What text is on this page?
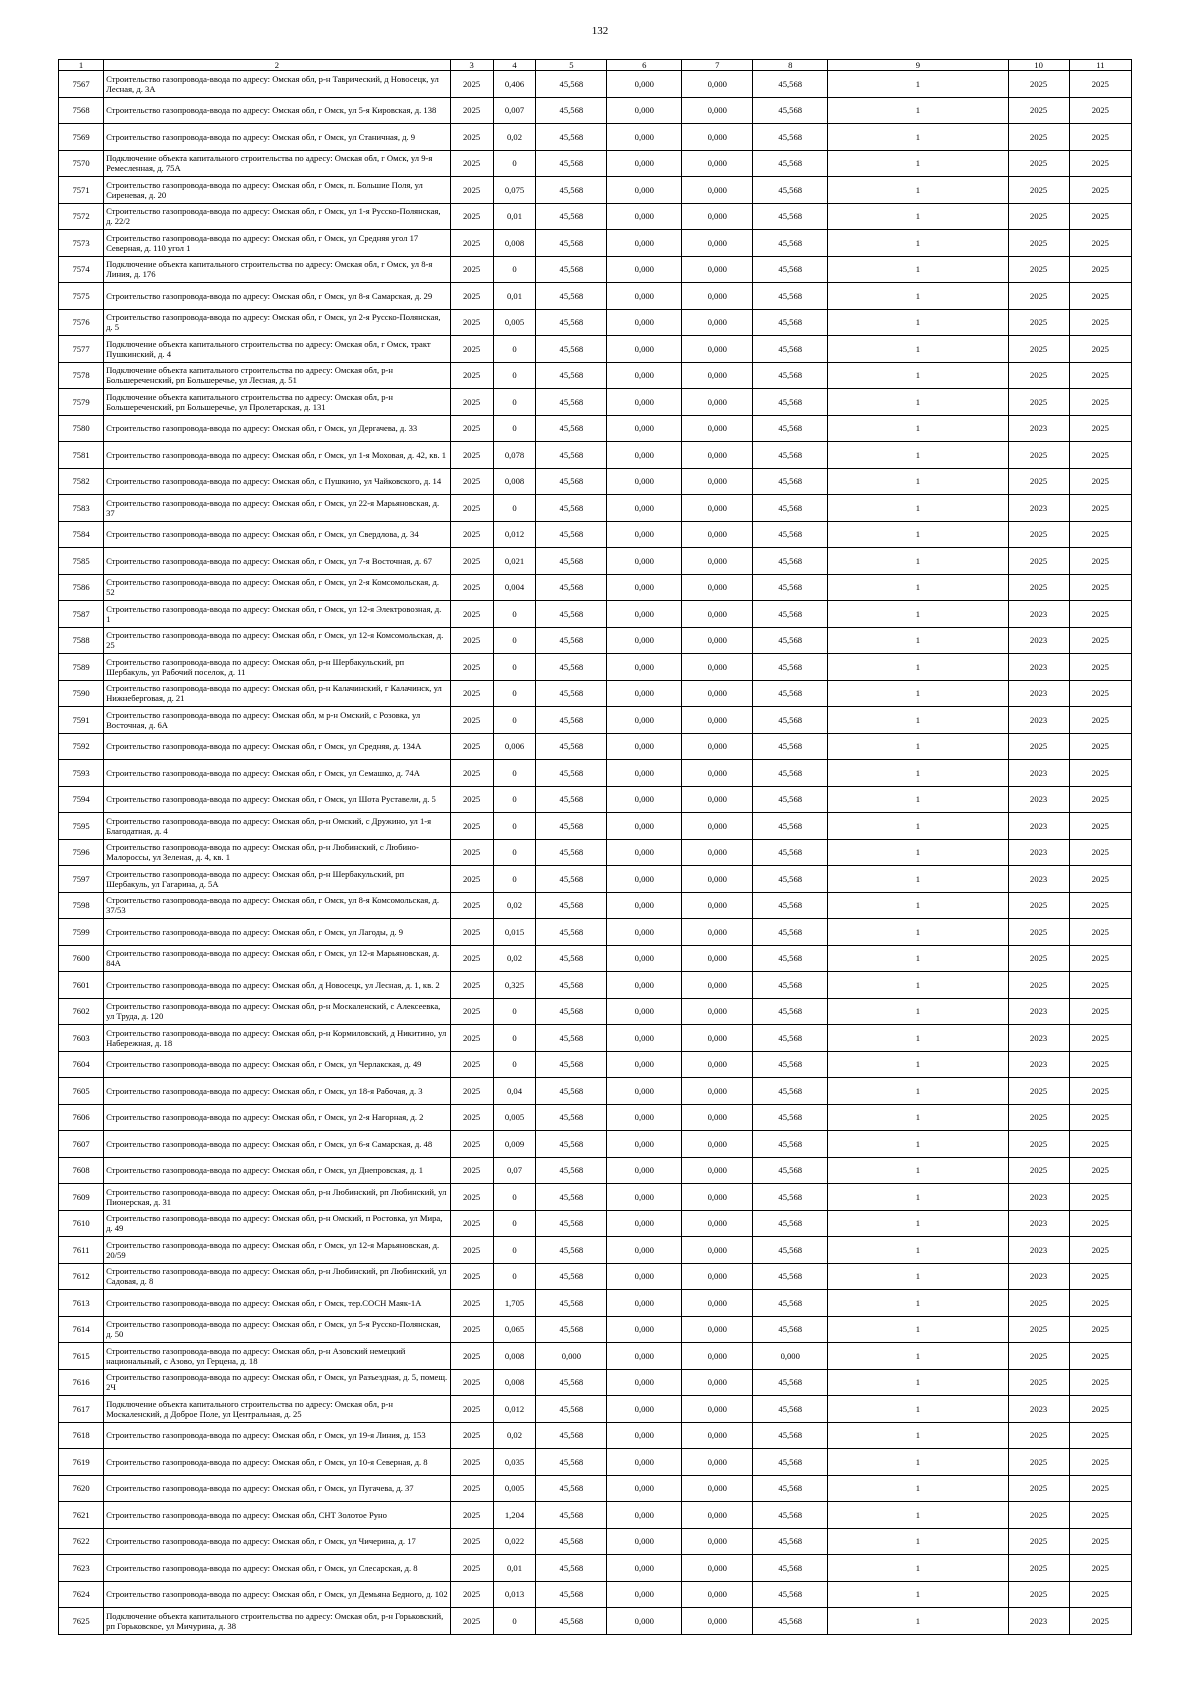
132
1	2	3	4	5	6	7	8	9	10	11
7567	Строительство газопровода-ввода по адресу: Омская обл, р-н Таврический, д Новосецк, ул Лесная, д. 3А	2025	0,406	45,568	0,000	0,000	45,568	1	2025	2025
7568	Строительство газопровода-ввода по адресу: Омская обл, г Омск, ул 5-я Кировская, д. 138	2025	0,007	45,568	0,000	0,000	45,568	1	2025	2025
7569	Строительство газопровода-ввода по адресу: Омская обл, г Омск, ул Станичная, д. 9	2025	0,02	45,568	0,000	0,000	45,568	1	2025	2025
7570	Подключение объекта капитального строительства по адресу: Омская обл, г Омск, ул 9-я Ремесленная, д. 75А	2025	0	45,568	0,000	0,000	45,568	1	2025	2025
7571	Строительство газопровода-ввода по адресу: Омская обл, г Омск, п. Большие Поля, ул Сиреневая, д. 20	2025	0,075	45,568	0,000	0,000	45,568	1	2025	2025
7572	Строительство газопровода-ввода по адресу: Омская обл, г Омск, ул 1-я Русско-Полянская, д. 22/2	2025	0,01	45,568	0,000	0,000	45,568	1	2025	2025
7573	Строительство газопровода-ввода по адресу: Омская обл, г Омск, ул Средняя угол 17 Северная, д. 110 угол 1	2025	0,008	45,568	0,000	0,000	45,568	1	2025	2025
7574	Подключение объекта капитального строительства по адресу: Омская обл, г Омск, ул 8-я Линия, д. 176	2025	0	45,568	0,000	0,000	45,568	1	2025	2025
7575	Строительство газопровода-ввода по адресу: Омская обл, г Омск, ул 8-я Самарская, д. 29	2025	0,01	45,568	0,000	0,000	45,568	1	2025	2025
7576	Строительство газопровода-ввода по адресу: Омская обл, г Омск, ул 2-я Русско-Полянская, д. 5	2025	0,005	45,568	0,000	0,000	45,568	1	2025	2025
7577	Подключение объекта капитального строительства по адресу: Омская обл, г Омск, тракт Пушкинский, д. 4	2025	0	45,568	0,000	0,000	45,568	1	2025	2025
7578	Подключение объекта капитального строительства по адресу: Омская обл, р-н Большереченский, рп Большеречье, ул Лесная, д. 51	2025	0	45,568	0,000	0,000	45,568	1	2025	2025
7579	Подключение объекта капитального строительства по адресу: Омская обл, р-н Большереченский, рп Большеречье, ул Пролетарская, д. 131	2025	0	45,568	0,000	0,000	45,568	1	2025	2025
7580	Строительство газопровода-ввода по адресу: Омская обл, г Омск, ул Дергачева, д. 33	2025	0	45,568	0,000	0,000	45,568	1	2023	2025
7581	Строительство газопровода-ввода по адресу: Омская обл, г Омск, ул 1-я Моховая, д. 42, кв. 1	2025	0,078	45,568	0,000	0,000	45,568	1	2025	2025
7582	Строительство газопровода-ввода по адресу: Омская обл, с Пушкино, ул Чайковского, д. 14	2025	0,008	45,568	0,000	0,000	45,568	1	2025	2025
7583	Строительство газопровода-ввода по адресу: Омская обл, г Омск, ул 22-я Марьяновская, д. 37	2025	0	45,568	0,000	0,000	45,568	1	2023	2025
7584	Строительство газопровода-ввода по адресу: Омская обл, г Омск, ул Свердлова, д. 34	2025	0,012	45,568	0,000	0,000	45,568	1	2025	2025
7585	Строительство газопровода-ввода по адресу: Омская обл, г Омск, ул 7-я Восточная, д. 67	2025	0,021	45,568	0,000	0,000	45,568	1	2025	2025
7586	Строительство газопровода-ввода по адресу: Омская обл, г Омск, ул 2-я Комсомольская, д. 52	2025	0,004	45,568	0,000	0,000	45,568	1	2025	2025
7587	Строительство газопровода-ввода по адресу: Омская обл, г Омск, ул 12-я Электровозная, д. 1	2025	0	45,568	0,000	0,000	45,568	1	2023	2025
7588	Строительство газопровода-ввода по адресу: Омская обл, г Омск, ул 12-я Комсомольская, д. 25	2025	0	45,568	0,000	0,000	45,568	1	2023	2025
7589	Строительство газопровода-ввода по адресу: Омская обл, р-н Шербакульский, рп Шербакуль, ул Рабочий поселок, д. 11	2025	0	45,568	0,000	0,000	45,568	1	2023	2025
7590	Строительство газопровода-ввода по адресу: Омская обл, р-н Калачинский, г Калачинск, ул Нижнеберговая, д. 21	2025	0	45,568	0,000	0,000	45,568	1	2023	2025
7591	Строительство газопровода-ввода по адресу: Омская обл, м р-н Омский, с Розовка, ул Восточная, д. 6А	2025	0	45,568	0,000	0,000	45,568	1	2023	2025
7592	Строительство газопровода-ввода по адресу: Омская обл, г Омск, ул Средняя, д. 134А	2025	0,006	45,568	0,000	0,000	45,568	1	2025	2025
7593	Строительство газопровода-ввода по адресу: Омская обл, г Омск, ул Семашко, д. 74А	2025	0	45,568	0,000	0,000	45,568	1	2023	2025
7594	Строительство газопровода-ввода по адресу: Омская обл, г Омск, ул Шота Руставели, д. 5	2025	0	45,568	0,000	0,000	45,568	1	2023	2025
7595	Строительство газопровода-ввода по адресу: Омская обл, р-н Омский, с Дружино, ул 1-я Благодатная, д. 4	2025	0	45,568	0,000	0,000	45,568	1	2023	2025
7596	Строительство газопровода-ввода по адресу: Омская обл, р-н Любинский, с Любино-Малороссы, ул Зеленая, д. 4, кв. 1	2025	0	45,568	0,000	0,000	45,568	1	2023	2025
7597	Строительство газопровода-ввода по адресу: Омская обл, р-н Шербакульский, рп Шербакуль, ул Гагарина, д. 5А	2025	0	45,568	0,000	0,000	45,568	1	2023	2025
7598	Строительство газопровода-ввода по адресу: Омская обл, г Омск, ул 8-я Комсомольская, д. 37/53	2025	0,02	45,568	0,000	0,000	45,568	1	2025	2025
7599	Строительство газопровода-ввода по адресу: Омская обл, г Омск, ул Лагоды, д. 9	2025	0,015	45,568	0,000	0,000	45,568	1	2025	2025
7600	Строительство газопровода-ввода по адресу: Омская обл, г Омск, ул 12-я Марьяновская, д. 84А	2025	0,02	45,568	0,000	0,000	45,568	1	2025	2025
7601	Строительство газопровода-ввода по адресу: Омская обл, д Новосецк, ул Лесная, д. 1, кв. 2	2025	0,325	45,568	0,000	0,000	45,568	1	2025	2025
7602	Строительство газопровода-ввода по адресу: Омская обл, р-н Москаленский, с Алексеевка, ул Труда, д. 120	2025	0	45,568	0,000	0,000	45,568	1	2023	2025
7603	Строительство газопровода-ввода по адресу: Омская обл, р-н Кормиловский, д Никитино, ул Набережная, д. 18	2025	0	45,568	0,000	0,000	45,568	1	2023	2025
7604	Строительство газопровода-ввода по адресу: Омская обл, г Омск, ул Черлакская, д. 49	2025	0	45,568	0,000	0,000	45,568	1	2023	2025
7605	Строительство газопровода-ввода по адресу: Омская обл, г Омск, ул 18-я Рабочая, д. 3	2025	0,04	45,568	0,000	0,000	45,568	1	2025	2025
7606	Строительство газопровода-ввода по адресу: Омская обл, г Омск, ул 2-я Нагорная, д. 2	2025	0,005	45,568	0,000	0,000	45,568	1	2025	2025
7607	Строительство газопровода-ввода по адресу: Омская обл, г Омск, ул 6-я Самарская, д. 48	2025	0,009	45,568	0,000	0,000	45,568	1	2025	2025
7608	Строительство газопровода-ввода по адресу: Омская обл, г Омск, ул Днепровская, д. 1	2025	0,07	45,568	0,000	0,000	45,568	1	2025	2025
7609	Строительство газопровода-ввода по адресу: Омская обл, р-н Любинский, рп Любинский, ул Пионерская, д. 31	2025	0	45,568	0,000	0,000	45,568	1	2023	2025
7610	Строительство газопровода-ввода по адресу: Омская обл, р-н Омский, п Ростовка, ул Мира, д. 49	2025	0	45,568	0,000	0,000	45,568	1	2023	2025
7611	Строительство газопровода-ввода по адресу: Омская обл, г Омск, ул 12-я Марьяновская, д. 20/59	2025	0	45,568	0,000	0,000	45,568	1	2023	2025
7612	Строительство газопровода-ввода по адресу: Омская обл, р-н Любинский, рп Любинский, ул Садовая, д. 8	2025	0	45,568	0,000	0,000	45,568	1	2023	2025
7613	Строительство газопровода-ввода по адресу: Омская обл, г Омск, тер.СОСН Маяк-1А	2025	1,705	45,568	0,000	0,000	45,568	1	2025	2025
7614	Строительство газопровода-ввода по адресу: Омская обл, г Омск, ул 5-я Русско-Полянская, д. 50	2025	0,065	45,568	0,000	0,000	45,568	1	2025	2025
7615	Строительство газопровода-ввода по адресу: Омская обл, р-н Азовский немецкий национальный, с Азово, ул Герцена, д. 18	2025	0,008	0,000	0,000	0,000	0,000	1	2025	2025
7616	Строительство газопровода-ввода по адресу: Омская обл, г Омск, ул Разъездная, д. 5, помещ. 2Ч	2025	0,008	45,568	0,000	0,000	45,568	1	2025	2025
7617	Подключение объекта капитального строительства по адресу: Омская обл, р-н Москаленский, д Доброе Поле, ул Центральная, д. 25	2025	0,012	45,568	0,000	0,000	45,568	1	2023	2025
7618	Строительство газопровода-ввода по адресу: Омская обл, г Омск, ул 19-я Линия, д. 153	2025	0,02	45,568	0,000	0,000	45,568	1	2025	2025
7619	Строительство газопровода-ввода по адресу: Омская обл, г Омск, ул 10-я Северная, д. 8	2025	0,035	45,568	0,000	0,000	45,568	1	2025	2025
7620	Строительство газопровода-ввода по адресу: Омская обл, г Омск, ул Пугачева, д. 37	2025	0,005	45,568	0,000	0,000	45,568	1	2025	2025
7621	Строительство газопровода-ввода по адресу: Омская обл, СНТ Золотое Руно	2025	1,204	45,568	0,000	0,000	45,568	1	2025	2025
7622	Строительство газопровода-ввода по адресу: Омская обл, г Омск, ул Чичерина, д. 17	2025	0,022	45,568	0,000	0,000	45,568	1	2025	2025
7623	Строительство газопровода-ввода по адресу: Омская обл, г Омск, ул Слесарская, д. 8	2025	0,01	45,568	0,000	0,000	45,568	1	2025	2025
7624	Строительство газопровода-ввода по адресу: Омская обл, г Омск, ул Демьяна Бедного, д. 102	2025	0,013	45,568	0,000	0,000	45,568	1	2025	2025
7625	Подключение объекта капитального строительства по адресу: Омская обл, р-н Горьковский, рп Горьковское, ул Мичурина, д. 38	2025	0	45,568	0,000	0,000	45,568	1	2023	2025
